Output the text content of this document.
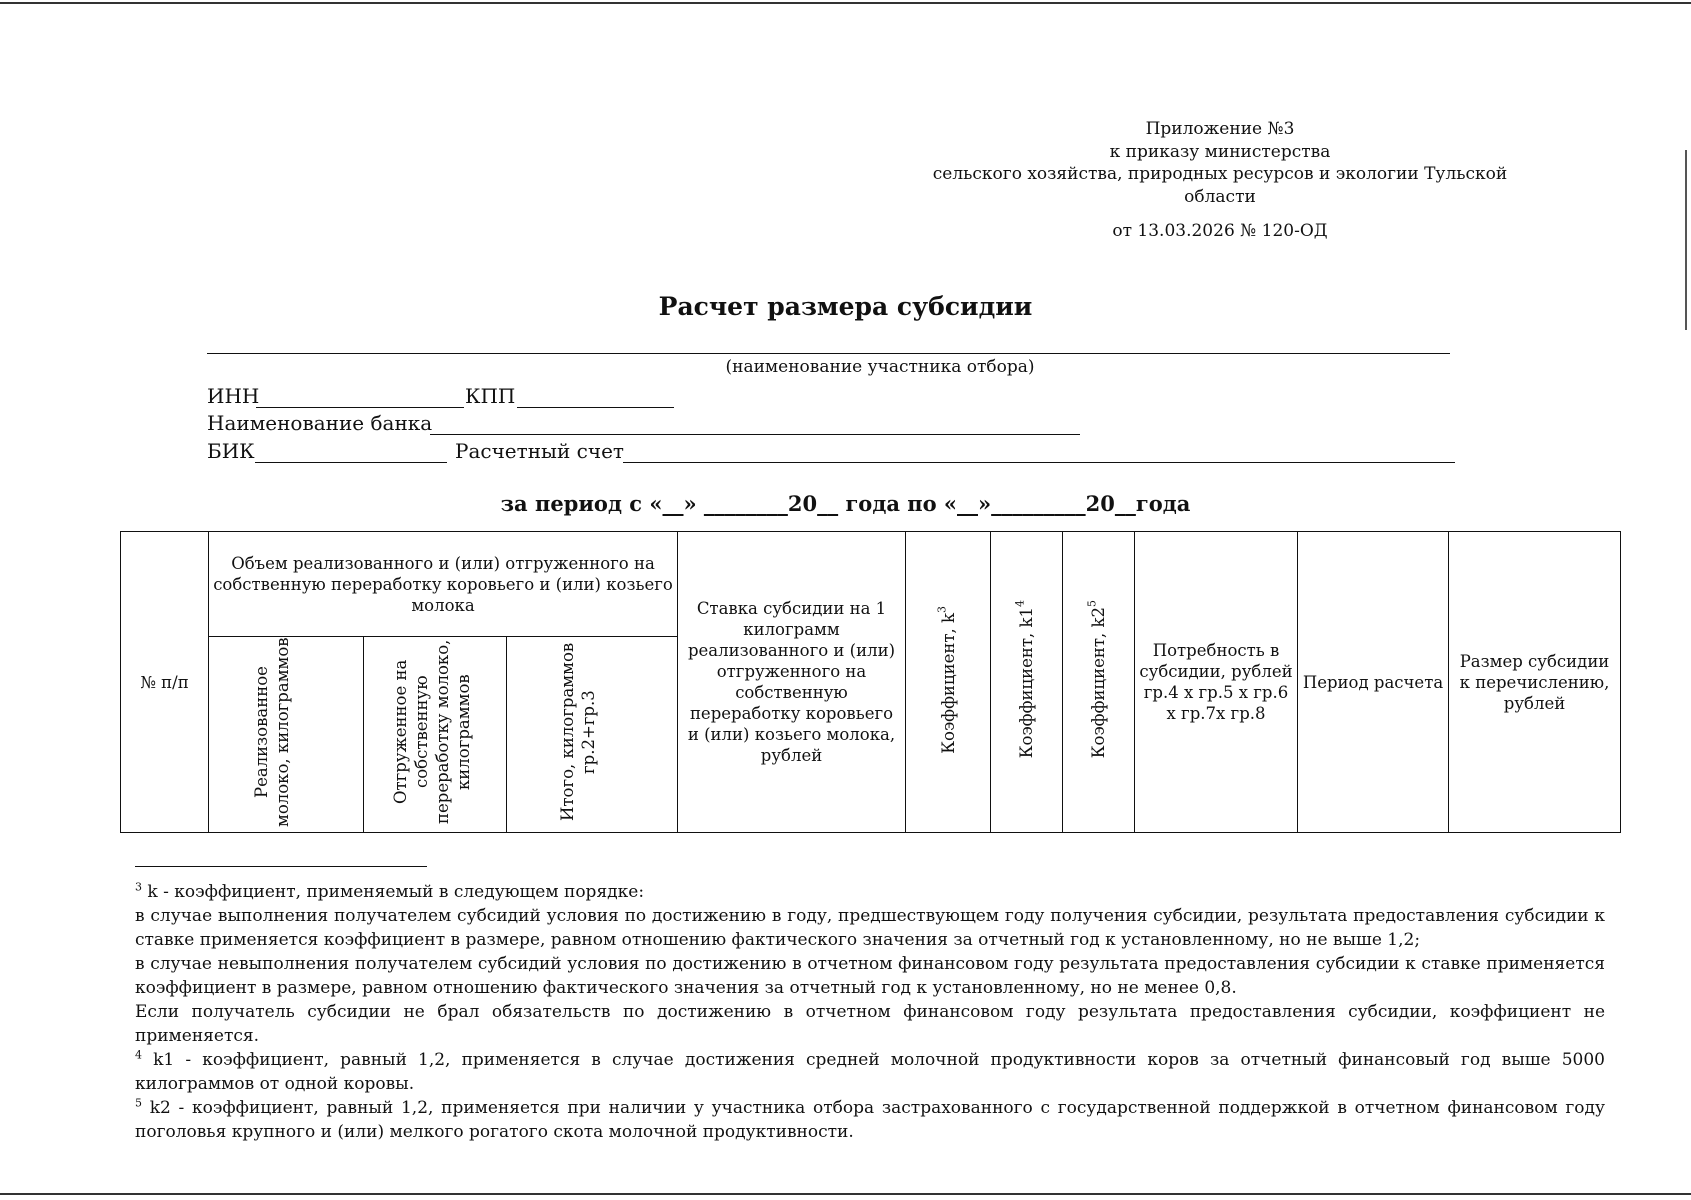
Приложение №3
к приказу министерства
сельского хозяйства, природных ресурсов и экологии Тульской
области
от 13.03.2026 № 120-ОД
Расчет размера субсидии
(наименование участника отбора)
ИНН	КПП
Наименование банка
БИК	Расчетный счет
за период с «__» ________20__ года по «__»_________20__года
№ п/п	Объем реализованного и (или) отгруженного на собственную переработку коровьего и (или) козьего молока			Ставка субсидии на 1 килограмм реализованного и (или) отгруженного на собственную переработку коровьего и (или) козьего молока, рублей	Коэффициент, $k^3$	Коэффициент, $k1^4$	Коэффициент, $k2^5$	Потребность в субсидии, рублей гр.4 х гр.5 х гр.6 х гр.7х гр.8	Период расчета	Размер субсидии к перечислению, рублей
	Реализованное молоко, килограммов	Отгруженное на собственную переработку молоко, килограммов	Итого, килограммов гр.2+гр.3							

$^3$ k - коэффициент, применяемый в следующем порядке:

в случае выполнения получателем субсидий условия по достижению в году, предшествующем году получения субсидии, результата предоставления субсидии к ставке применяется коэффициент в размере, равном отношению фактического значения за отчетный год к установленному, но не выше 1,2;

в случае невыполнения получателем субсидий условия по достижению в отчетном финансовом году результата предоставления субсидии к ставке применяется коэффициент в размере, равном отношению фактического значения за отчетный год к установленному, но не менее 0,8.

Если получатель субсидии не брал обязательств по достижению в отчетном финансовом году результата предоставления субсидии, коэффициент не применяется.

$^4$ k1 - коэффициент, равный 1,2, применяется в случае достижения средней молочной продуктивности коров за отчетный финансовый год выше 5000 килограммов от одной коровы.

$^5$ k2 - коэффициент, равный 1,2, применяется при наличии у участника отбора застрахованного с государственной поддержкой в отчетном финансовом году поголовья крупного и (или) мелкого рогатого скота молочной продуктивности.
